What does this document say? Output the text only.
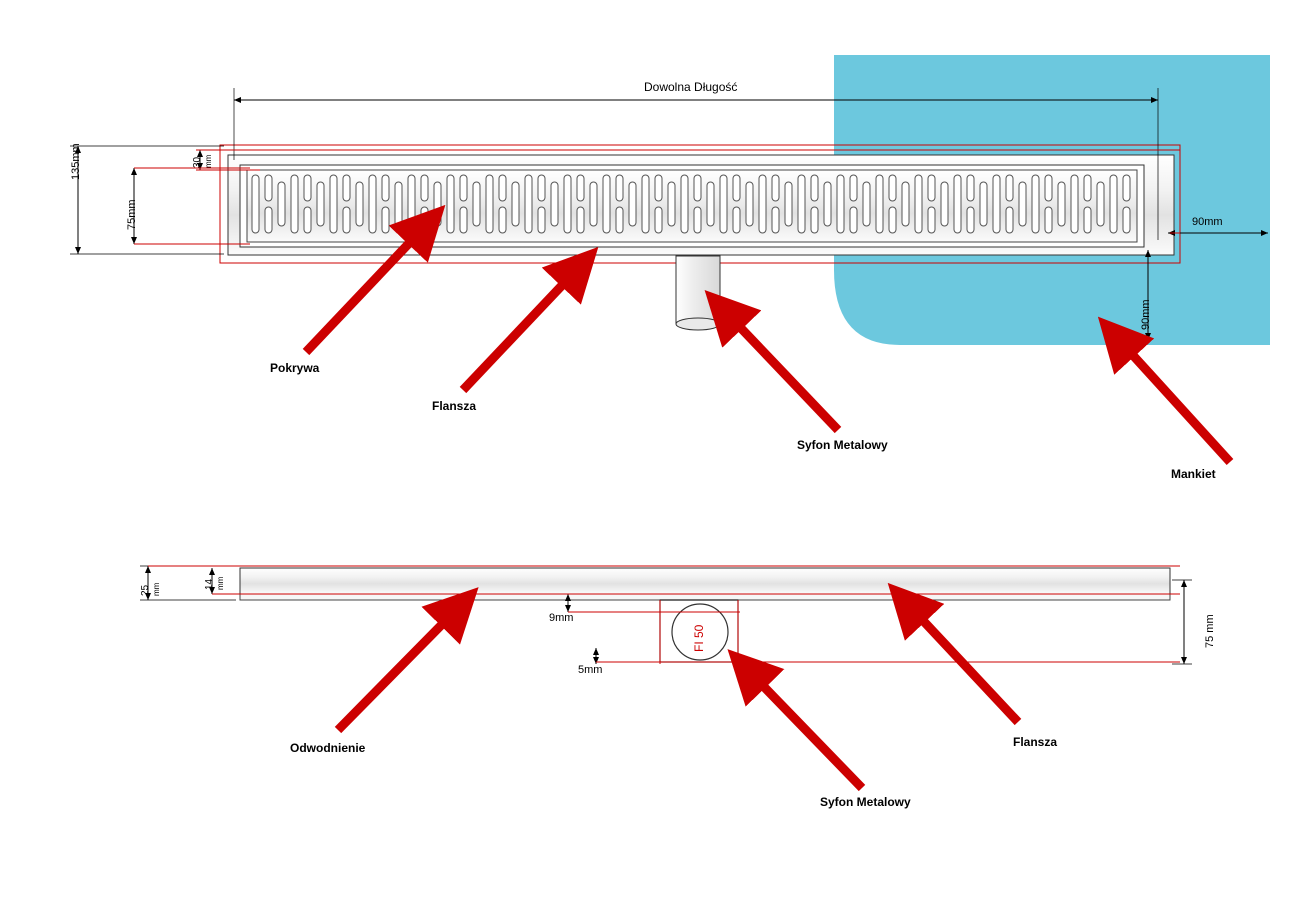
Dowolna Długość
135mm
75mm
30 mm
90mm
90mm
Pokrywa
Flansza
Syfon Metalowy
Mankiet
25 mm	14 mm
9mm
5mm
75 mm
FI 50
Odwodnienie
Syfon Metalowy
Flansza
